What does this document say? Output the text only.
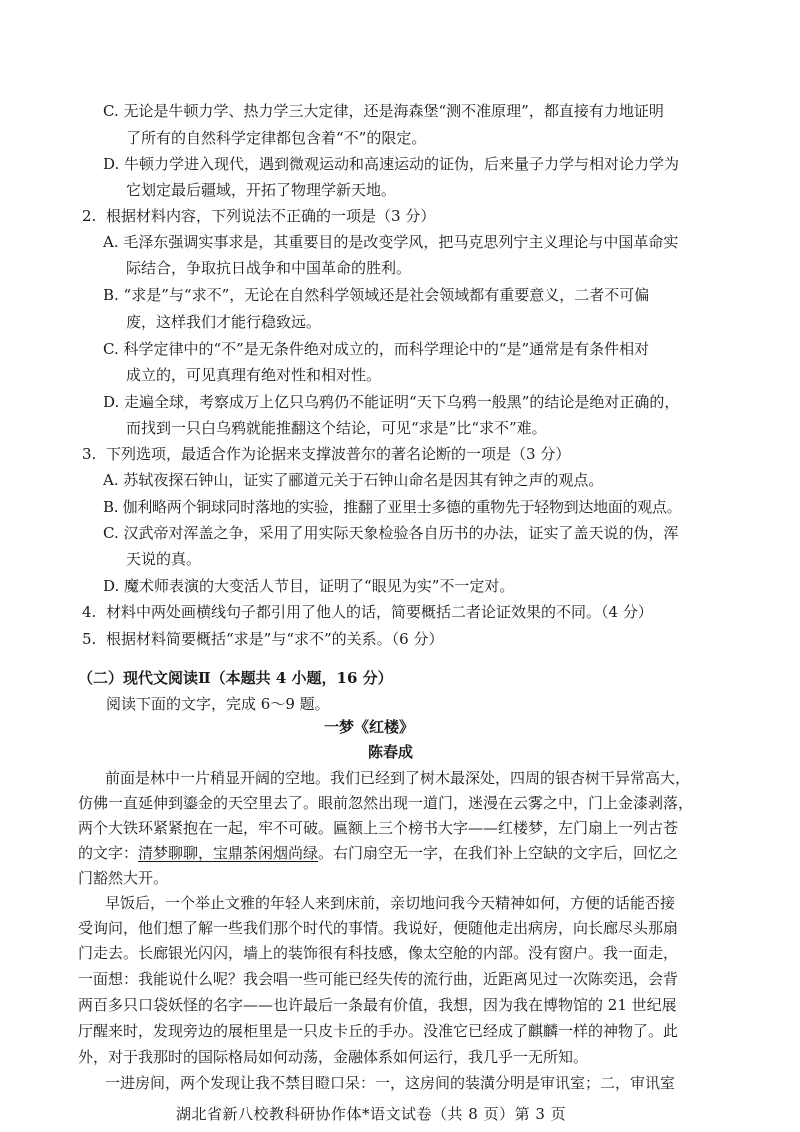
C. 无论是牛顿力学、热力学三大定律，还是海森堡“测不准原理”，都直接有力地证明
了所有的自然科学定律都包含着“不”的限定。
D. 牛顿力学进入现代，遇到微观运动和高速运动的证伪，后来量子力学与相对论力学为
它划定最后疆域，开拓了物理学新天地。
2. 根据材料内容，下列说法不正确的一项是（3 分）
A. 毛泽东强调实事求是，其重要目的是改变学风，把马克思列宁主义理论与中国革命实
际结合，争取抗日战争和中国革命的胜利。
B. “求是”与“求不”，无论在自然科学领域还是社会领域都有重要意义，二者不可偏
废，这样我们才能行稳致远。
C. 科学定律中的“不”是无条件绝对成立的，而科学理论中的“是”通常是有条件相对
成立的，可见真理有绝对性和相对性。
D. 走遍全球，考察成万上亿只乌鸦仍不能证明“天下乌鸦一般黑”的结论是绝对正确的，
而找到一只白乌鸦就能推翻这个结论，可见“求是”比“求不”难。
3. 下列选项，最适合作为论据来支撑波普尔的著名论断的一项是（3 分）
A. 苏轼夜探石钟山，证实了郦道元关于石钟山命名是因其有钟之声的观点。
B. 伽利略两个铜球同时落地的实验，推翻了亚里士多德的重物先于轻物到达地面的观点。
C. 汉武帝对浑盖之争，采用了用实际天象检验各自历书的办法，证实了盖天说的伪，浑
天说的真。
D. 魔术师表演的大变活人节目，证明了“眼见为实”不一定对。
4. 材料中两处画横线句子都引用了他人的话，简要概括二者论证效果的不同。（4 分）
5. 根据材料简要概括“求是”与“求不”的关系。（6 分）
（二）现代文阅读Ⅱ（本题共 4 小题，16 分）
阅读下面的文字，完成 6～9 题。
一梦《红楼》
陈春成
前面是林中一片稍显开阔的空地。我们已经到了树木最深处，四周的银杏树干异常高大，
仿佛一直延伸到鎏金的天空里去了。眼前忽然出现一道门，迷漫在云雾之中，门上金漆剥落，
两个大铁环紧紧抱在一起，牢不可破。匾额上三个榜书大字——红楼梦，左门扇上一列古苍
的文字：清梦聊聊，宝鼎茶闲烟尚绿。右门扇空无一字，在我们补上空缺的文字后，回忆之
门豁然大开。
早饭后，一个举止文雅的年轻人来到床前，亲切地问我今天精神如何，方便的话能否接
受询问，他们想了解一些我们那个时代的事情。我说好，便随他走出病房，向长廊尽头那扇
门走去。长廊银光闪闪，墙上的装饰很有科技感，像太空舱的内部。没有窗户。我一面走，
一面想：我能说什么呢？我会唱一些可能已经失传的流行曲，近距离见过一次陈奕迅，会背
两百多只口袋妖怪的名字——也许最后一条最有价值，我想，因为我在博物馆的 21 世纪展
厅醒来时，发现旁边的展柜里是一只皮卡丘的手办。没准它已经成了麒麟一样的神物了。此
外，对于我那时的国际格局如何动荡，金融体系如何运行，我几乎一无所知。
湖北省新八校教科研协作体*语文试卷（共 8 页）第 3 页
一进房间，两个发现让我不禁目瞪口呆：一，这房间的装潢分明是审讯室；二，审讯室
